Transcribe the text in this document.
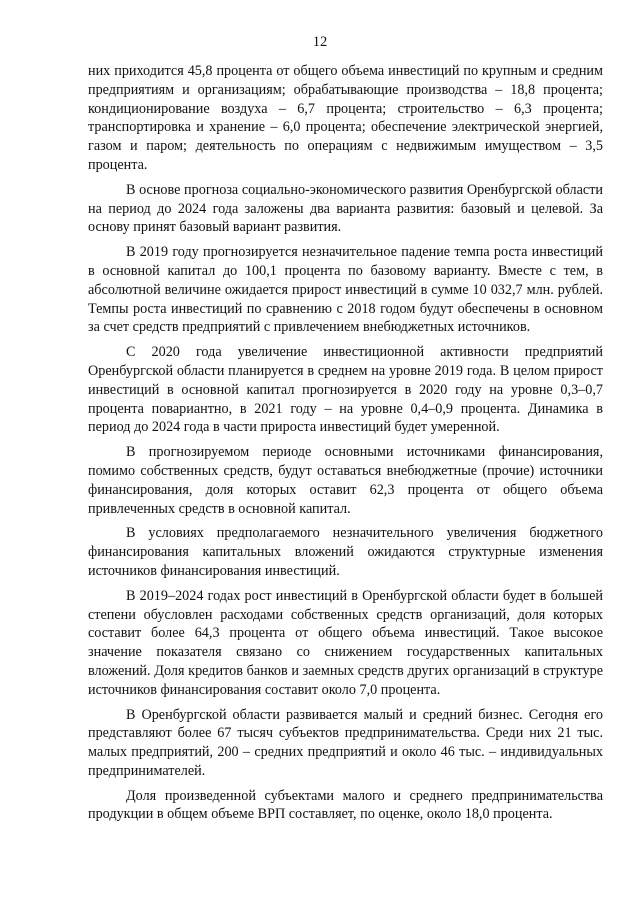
12

них приходится 45,8 процента от общего объема инвестиций по крупным и средним предприятиям и организациям; обрабатывающие производства – 18,8 процента; кондиционирование воздуха – 6,7 процента; строительство – 6,3 процента; транспортировка и хранение – 6,0 процента; обеспечение электрической энергией, газом и паром; деятельность по операциям с недвижимым имуществом – 3,5 процента.

В основе прогноза социально-экономического развития Оренбургской области на период до 2024 года заложены два варианта развития: базовый и целевой. За основу принят базовый вариант развития.

В 2019 году прогнозируется незначительное падение темпа роста инвестиций в основной капитал до 100,1 процента по базовому варианту. Вместе с тем, в абсолютной величине ожидается прирост инвестиций в сумме 10 032,7 млн. рублей. Темпы роста инвестиций по сравнению с 2018 годом будут обеспечены в основном за счет средств предприятий с привлечением внебюджетных источников.

С 2020 года увеличение инвестиционной активности предприятий Оренбургской области планируется в среднем на уровне 2019 года. В целом прирост инвестиций в основной капитал прогнозируется в 2020 году на уровне 0,3–0,7 процента повариантно, в 2021 году – на уровне 0,4–0,9 процента. Динамика в период до 2024 года в части прироста инвестиций будет умеренной.

В прогнозируемом периоде основными источниками финансирования, помимо собственных средств, будут оставаться внебюджетные (прочие) источники финансирования, доля которых оставит 62,3 процента от общего объема привлеченных средств в основной капитал.

В условиях предполагаемого незначительного увеличения бюджетного финансирования капитальных вложений ожидаются структурные изменения источников финансирования инвестиций.

В 2019–2024 годах рост инвестиций в Оренбургской области будет в большей степени обусловлен расходами собственных средств организаций, доля которых составит более 64,3 процента от общего объема инвестиций. Такое высокое значение показателя связано со снижением государственных капитальных вложений. Доля кредитов банков и заемных средств других организаций в структуре источников финансирования составит около 7,0 процента.

В Оренбургской области развивается малый и средний бизнес. Сегодня его представляют более 67 тысяч субъектов предпринимательства. Среди них 21 тыс. малых предприятий, 200 – средних предприятий и около 46 тыс. – индивидуальных предпринимателей.

Доля произведенной субъектами малого и среднего предпринимательства продукции в общем объеме ВРП составляет, по оценке, около 18,0 процента.
